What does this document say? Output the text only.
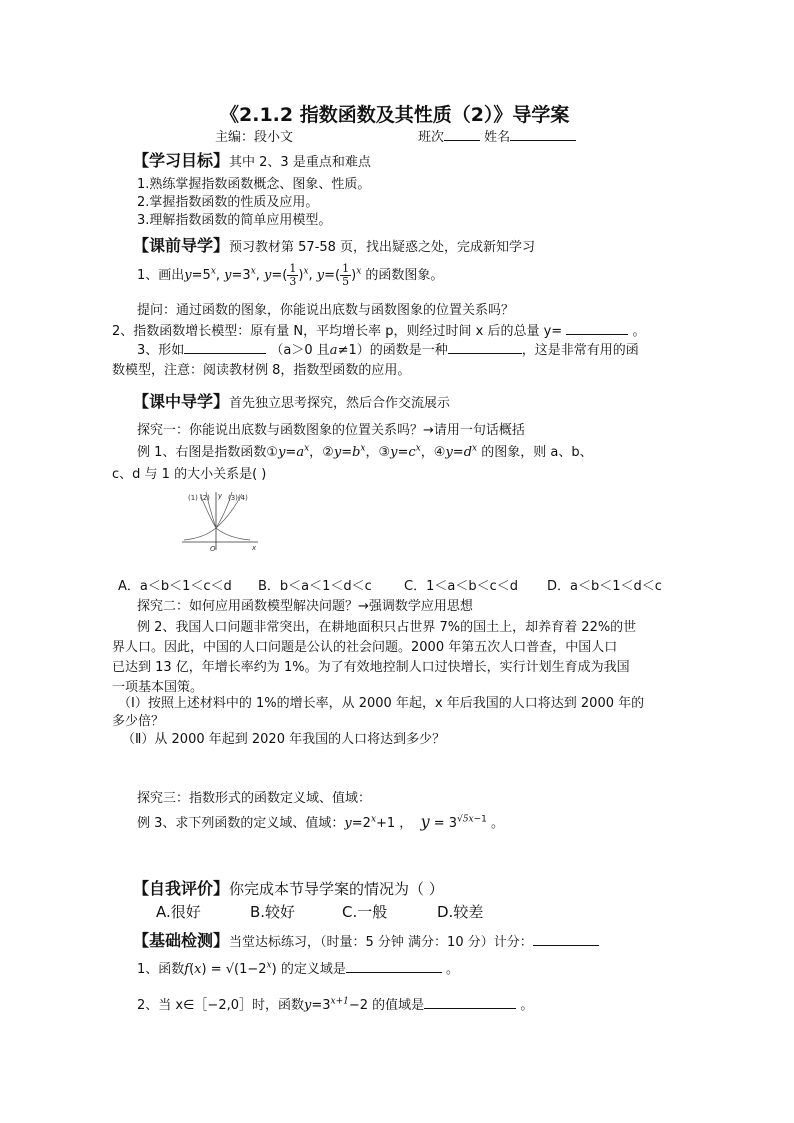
《2.1.2 指数函数及其性质（2）》导学案
主编：段小文	班次	姓名
【学习目标】其中 2、3 是重点和难点
1.熟练掌握指数函数概念、图象、性质。
2.掌握指数函数的性质及应用。
3.理解指数函数的简单应用模型。
【课前导学】预习教材第 57-58 页，找出疑惑之处，完成新知学习
1、画出$y=5^x$, $y=3^x$, $y=( \frac{1}{3} )^x$, $y=( \frac{1}{5} )^x$ 的函数图象。
提问：通过函数的图象，你能说出底数与函数图象的位置关系吗？
2、指数函数增长模型：原有量 N，平均增长率 p，则经过时间 x 后的总量 y=	。
3、形如	（a＞0 且a≠1）的函数是一种	，这是非常有用的函
数模型，注意：阅读教材例 8，指数型函数的应用。
【课中导学】首先独立思考探究，然后合作交流展示
探究一：你能说出底数与函数图象的位置关系吗？→请用一句话概括
例 1、右图是指数函数$①y=a^x$，$②y=b^x$，$③y=c^x$，$④y=d^x$ 的图象，则 a、b、
c、d 与 1 的大小关系是( )
(1) (2)	(3)(4)
y
O	x
A．a＜b＜1＜c＜d B．b＜a＜1＜d＜c C．1＜a＜b＜c＜d D．a＜b＜1＜d＜c
探究二：如何应用函数模型解决问题？→强调数学应用思想
例 2、我国人口问题非常突出，在耕地面积只占世界 7%的国土上，却养育着 22%的世
界人口。因此，中国的人口问题是公认的社会问题。2000 年第五次人口普查，中国人口
已达到 13 亿，年增长率约为 1%。为了有效地控制人口过快增长，实行计划生育成为我国
一项基本国策。
（Ⅰ）按照上述材料中的 1%的增长率，从 2000 年起，x 年后我国的人口将达到 2000 年的
多少倍？
（Ⅱ）从 2000 年起到 2020 年我国的人口将达到多少？
探究三：指数形式的函数定义域、值域：
例 3、求下列函数的定义域、值域：$y=2^x+1$ ，  $y = 3^{√5x-1}$ 。
【自我评价】你完成本节导学案的情况为（ ）
A.很好	B.较好	C.一般	D.较差
【基础检测】当堂达标练习，（时量：5 分钟 满分：10 分）计分：
1、函数$f(x) = √(1-2^x)$ 的定义域是	。
2、当 x∈［−2,0］时，函数$y=3^{x+1}-2$ 的值域是	。
